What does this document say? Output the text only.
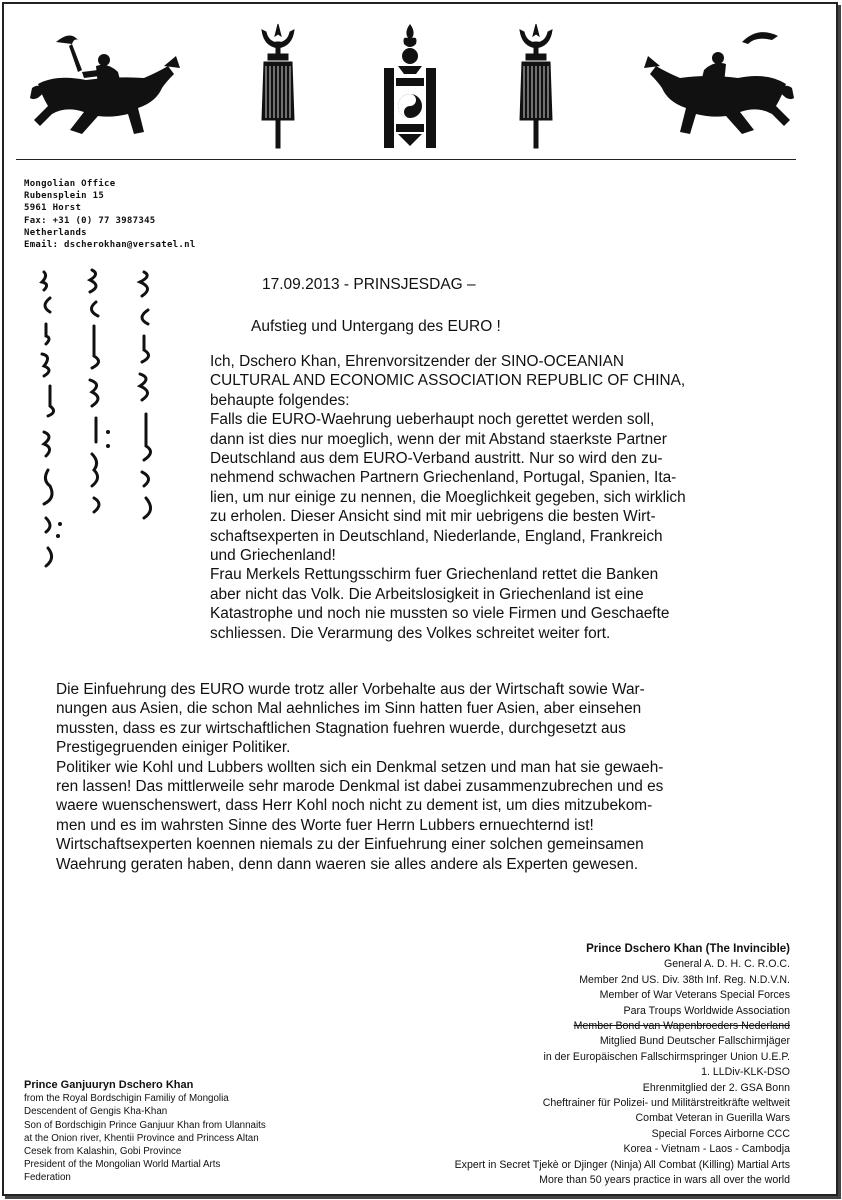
Mongolian Office
Rubensplein 15
5961 Horst
Fax: +31 (0) 77 3987345
Netherlands
Email: dscherokhan@versatel.nl
17.09.2013 - PRINSJESDAG –
Aufstieg und Untergang des EURO !
Ich, Dschero Khan, Ehrenvorsitzender der SINO-OCEANIAN
CULTURAL AND ECONOMIC ASSOCIATION REPUBLIC OF CHINA,
behaupte folgendes:
Falls die EURO-Waehrung ueberhaupt noch gerettet werden soll,
dann ist dies nur moeglich, wenn der mit Abstand staerkste Partner
Deutschland aus dem EURO-Verband austritt. Nur so wird den zu-
nehmend schwachen Partnern Griechenland, Portugal, Spanien, Ita-
lien, um nur einige zu nennen, die Moeglichkeit gegeben, sich wirklich
zu erholen. Dieser Ansicht sind mit mir uebrigens die besten Wirt-
schaftsexperten in Deutschland, Niederlande, England, Frankreich
und Griechenland!
Frau Merkels Rettungsschirm fuer Griechenland rettet die Banken
aber nicht das Volk. Die Arbeitslosigkeit in Griechenland ist eine
Katastrophe und noch nie mussten so viele Firmen und Geschaefte
schliessen. Die Verarmung des Volkes schreitet weiter fort.
Die Einfuehrung des EURO wurde trotz aller Vorbehalte aus der Wirtschaft sowie War-
nungen aus Asien, die schon Mal aehnliches im Sinn hatten fuer Asien, aber einsehen
mussten, dass es zur wirtschaftlichen Stagnation fuehren wuerde, durchgesetzt aus
Prestigegruenden einiger Politiker.
Politiker wie Kohl und Lubbers wollten sich ein Denkmal setzen und man hat sie gewaeh-
ren lassen! Das mittlerweile sehr marode Denkmal ist dabei zusammenzubrechen und es
waere wuenschenswert, dass Herr Kohl noch nicht zu dement ist, um dies mitzubekom-
men und es im wahrsten Sinne des Worte fuer Herrn Lubbers ernuechternd ist!
Wirtschaftsexperten koennen niemals zu der Einfuehrung einer solchen gemeinsamen
Waehrung geraten haben, denn dann waeren sie alles andere als Experten gewesen.
Prince Dschero Khan (The Invincible)
General A. D. H. C. R.O.C.
Member 2nd US. Div. 38th Inf. Reg. N.D.V.N.
Member of War Veterans Special Forces
Para Troups Worldwide Association
Member Bond van Wapenbroeders Nederland
Mitglied Bund Deutscher Fallschirmjäger
in der Europäischen Fallschirmspringer Union U.E.P.
1. LLDiv-KLK-DSO
Ehrenmitglied der 2. GSA Bonn
Cheftrainer für Polizei- und Militärstreitkräfte weltweit
Combat Veteran in Guerilla Wars
Special Forces Airborne CCC
Korea - Vietnam - Laos - Cambodja
Expert in Secret Tjekè or Djinger (Ninja) All Combat (Killing) Martial Arts
More than 50 years practice in wars all over the world
Prince Ganjuuryn Dschero Khan
from the Royal Bordschigin Familiy of Mongolia
Descendent of Gengis Kha-Khan
Son of Bordschigin Prince Ganjuur Khan from Ulannaits
at the Onion river, Khentii Province and Princess Altan
Cesek from Kalashin, Gobi Province
President of the Mongolian World Martial Arts
Federation
